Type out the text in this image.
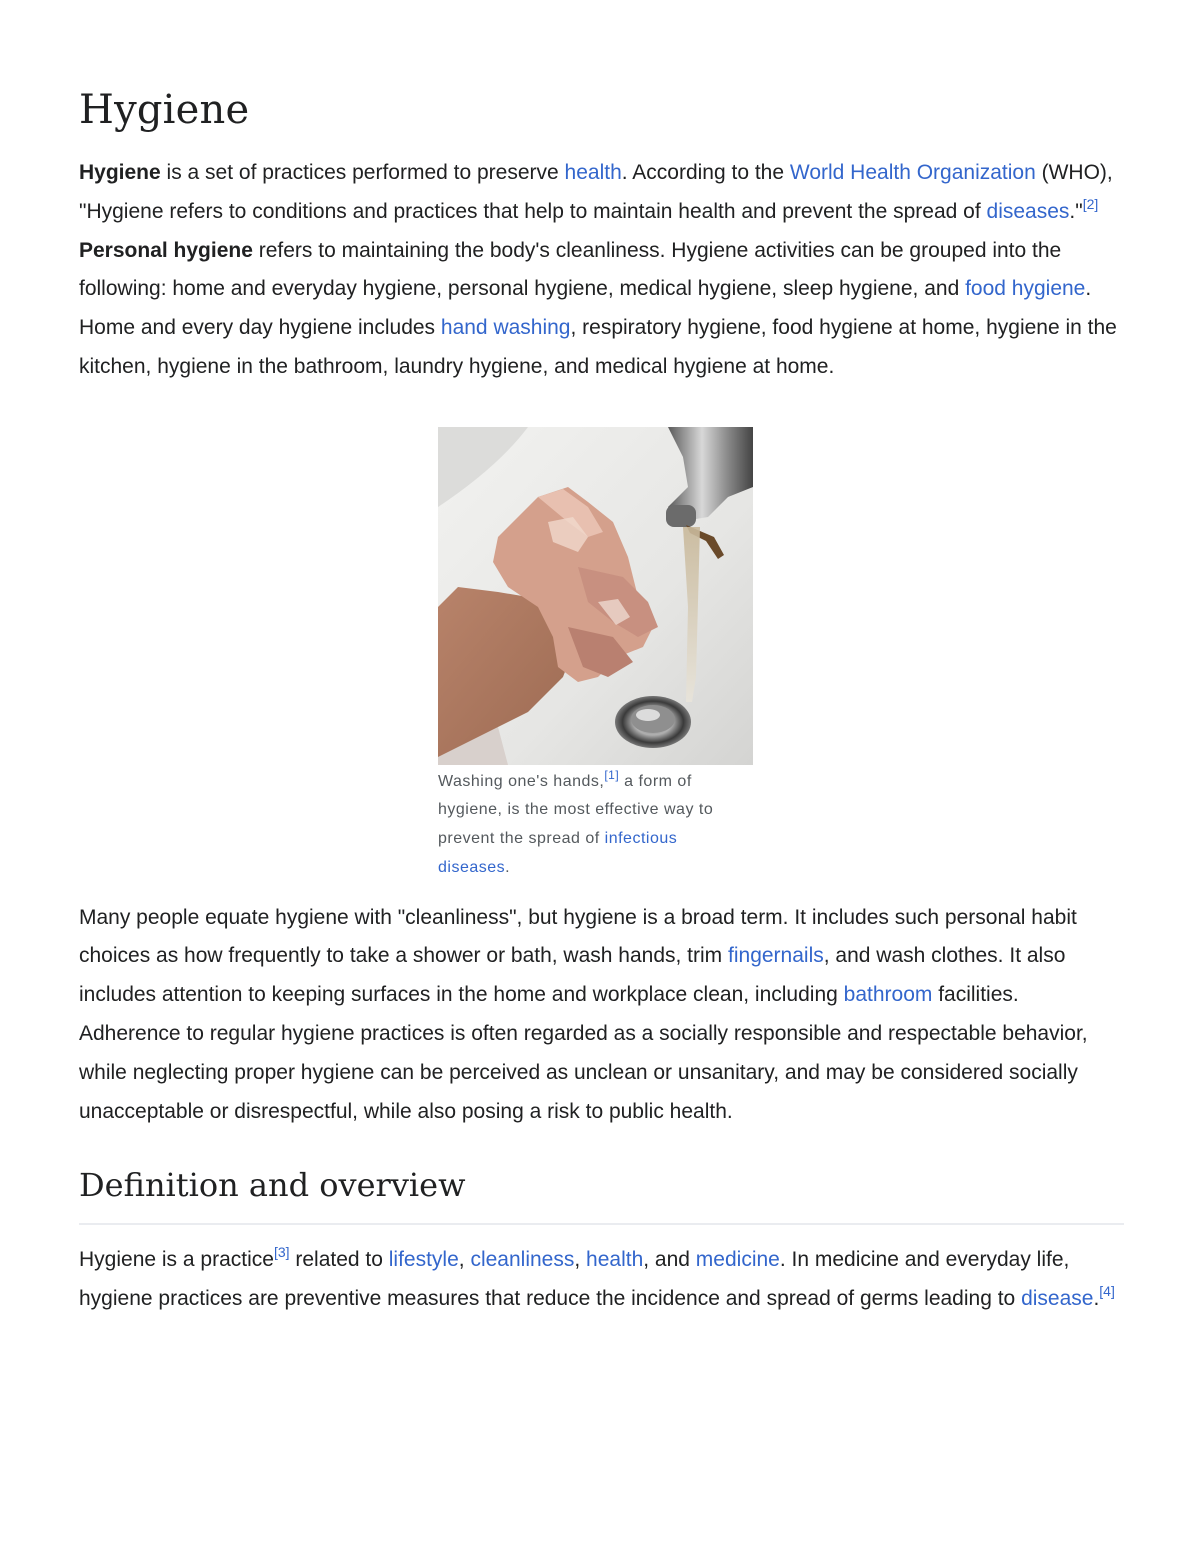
Hygiene

Hygiene is a set of practices performed to preserve health. According to the World Health Organization (WHO), "Hygiene refers to conditions and practices that help to maintain health and prevent the spread of diseases."[2] Personal hygiene refers to maintaining the body's cleanliness. Hygiene activities can be grouped into the following: home and everyday hygiene, personal hygiene, medical hygiene, sleep hygiene, and food hygiene. Home and every day hygiene includes hand washing, respiratory hygiene, food hygiene at home, hygiene in the kitchen, hygiene in the bathroom, laundry hygiene, and medical hygiene at home.

Washing one's hands,[1] a form of hygiene, is the most effective way to prevent the spread of infectious diseases.

Many people equate hygiene with "cleanliness", but hygiene is a broad term. It includes such personal habit choices as how frequently to take a shower or bath, wash hands, trim fingernails, and wash clothes. It also includes attention to keeping surfaces in the home and workplace clean, including bathroom facilities. Adherence to regular hygiene practices is often regarded as a socially responsible and respectable behavior, while neglecting proper hygiene can be perceived as unclean or unsanitary, and may be considered socially unacceptable or disrespectful, while also posing a risk to public health.

Definition and overview

Hygiene is a practice[3] related to lifestyle, cleanliness, health, and medicine. In medicine and everyday life, hygiene practices are preventive measures that reduce the incidence and spread of germs leading to disease.[4]
